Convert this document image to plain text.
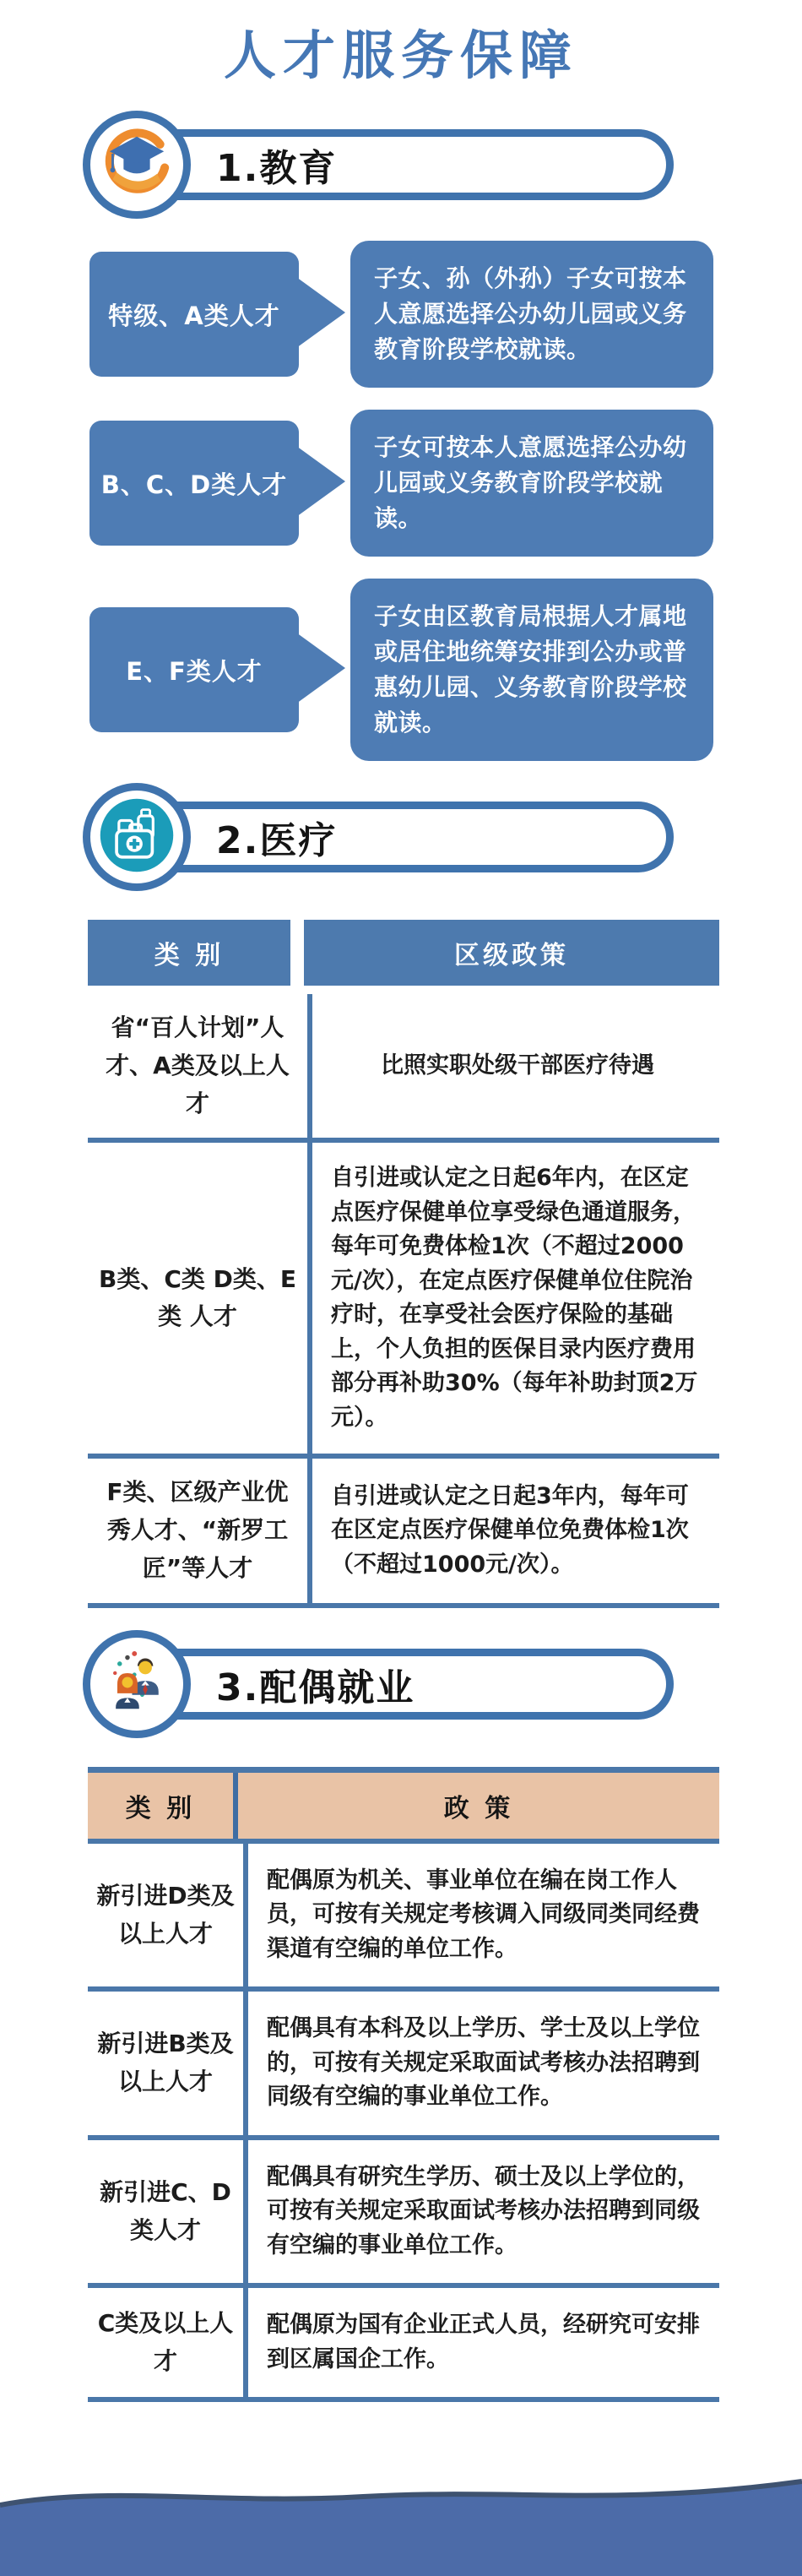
人才服务保障
1.教育
特级、A类人才
子女、孙（外孙）子女可按本人意愿选择公办幼儿园或义务教育阶段学校就读。
B、C、D类人才
子女可按本人意愿选择公办幼儿园或义务教育阶段学校就读。
E、F类人才
子女由区教育局根据人才属地或居住地统筹安排到公办或普惠幼儿园、义务教育阶段学校就读。
2.医疗
类 别	区级政策
省“百人计划”人才、A类及以上人才
比照实职处级干部医疗待遇
B类、C类 D类、E类 人才
自引进或认定之日起6年内，在区定点医疗保健单位享受绿色通道服务，每年可免费体检1次（不超过2000元/次），在定点医疗保健单位住院治疗时，在享受社会医疗保险的基础上，个人负担的医保目录内医疗费用部分再补助30%（每年补助封顶2万元）。
F类、区级产业优秀人才、“新罗工匠”等人才
自引进或认定之日起3年内，每年可在区定点医疗保健单位免费体检1次（不超过1000元/次）。
3.配偶就业
类 别	政 策
新引进D类及以上人才
配偶原为机关、事业单位在编在岗工作人员，可按有关规定考核调入同级同类同经费渠道有空编的单位工作。
新引进B类及以上人才
配偶具有本科及以上学历、学士及以上学位的，可按有关规定采取面试考核办法招聘到同级有空编的事业单位工作。
新引进C、D类人才
配偶具有研究生学历、硕士及以上学位的，可按有关规定采取面试考核办法招聘到同级有空编的事业单位工作。
C类及以上人才
配偶原为国有企业正式人员，经研究可安排到区属国企工作。
